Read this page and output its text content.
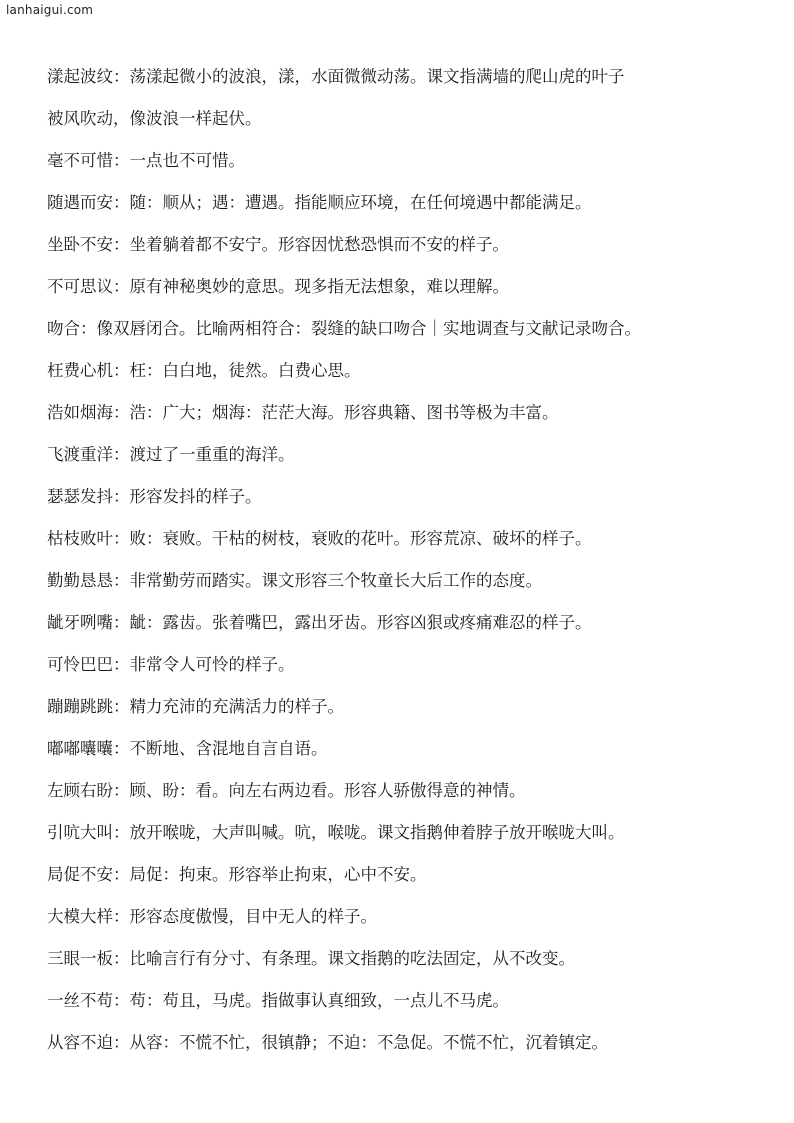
lanhaigui.com
漾起波纹：荡漾起微小的波浪，漾，水面微微动荡。课文指满墙的爬山虎的叶子
被风吹动，像波浪一样起伏。
毫不可惜：一点也不可惜。
随遇而安：随：顺从；遇：遭遇。指能顺应环境，在任何境遇中都能满足。
坐卧不安：坐着躺着都不安宁。形容因忧愁恐惧而不安的样子。
不可思议：原有神秘奥妙的意思。现多指无法想象，难以理解。
吻合：像双唇闭合。比喻两相符合：裂缝的缺口吻合｜实地调查与文献记录吻合。
枉费心机：枉：白白地，徒然。白费心思。
浩如烟海：浩：广大；烟海：茫茫大海。形容典籍、图书等极为丰富。
飞渡重洋：渡过了一重重的海洋。
瑟瑟发抖：形容发抖的样子。
枯枝败叶：败：衰败。干枯的树枝，衰败的花叶。形容荒凉、破坏的样子。
勤勤恳恳：非常勤劳而踏实。课文形容三个牧童长大后工作的态度。
龇牙咧嘴：龇：露齿。张着嘴巴，露出牙齿。形容凶狠或疼痛难忍的样子。
可怜巴巴：非常令人可怜的样子。
蹦蹦跳跳：精力充沛的充满活力的样子。
嘟嘟囔囔：不断地、含混地自言自语。
左顾右盼：顾、盼：看。向左右两边看。形容人骄傲得意的神情。
引吭大叫：放开喉咙，大声叫喊。吭，喉咙。课文指鹅伸着脖子放开喉咙大叫。
局促不安：局促：拘束。形容举止拘束，心中不安。
大模大样：形容态度傲慢，目中无人的样子。
三眼一板：比喻言行有分寸、有条理。课文指鹅的吃法固定，从不改变。
一丝不苟：苟：苟且，马虎。指做事认真细致，一点儿不马虎。
从容不迫：从容：不慌不忙，很镇静；不迫：不急促。不慌不忙，沉着镇定。
